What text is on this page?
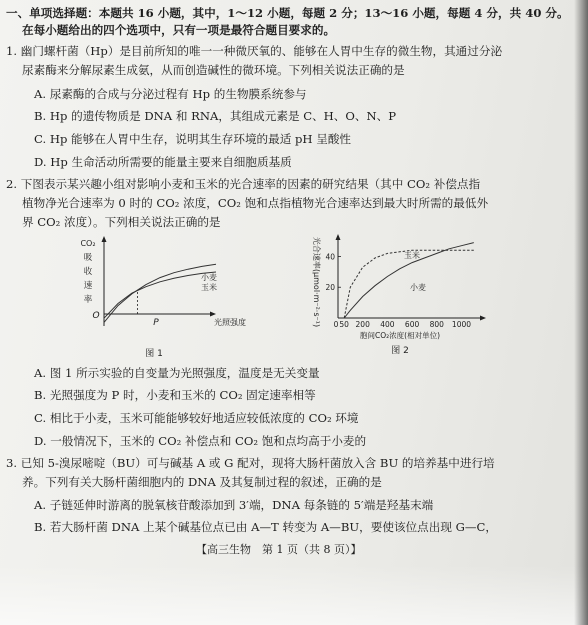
一、单项选择题：本题共 16 小题，其中，1～12 小题，每题 2 分；13～16 小题，每题 4 分，共 40 分。
在每小题给出的四个选项中，只有一项是最符合题目要求的。
1. 幽门螺杆菌（Hp）是目前所知的唯一一种微厌氧的、能够在人胃中生存的微生物，其通过分泌
尿素酶来分解尿素生成氨，从而创造碱性的微环境。下列相关说法正确的是
A. 尿素酶的合成与分泌过程有 Hp 的生物膜系统参与
B. Hp 的遗传物质是 DNA 和 RNA，其组成元素是 C、H、O、N、P
C. Hp 能够在人胃中生存，说明其生存环境的最适 pH 呈酸性
D. Hp 生命活动所需要的能量主要来自细胞质基质
2. 下图表示某兴趣小组对影响小麦和玉米的光合速率的因素的研究结果（其中 CO₂ 补偿点指
植物净光合速率为 0 时的 CO₂ 浓度，CO₂ 饱和点指植物光合速率达到最大时所需的最低外
界 CO₂ 浓度）。下列相关说法正确的是
CO₂
吸
收
速
率
O
P	光照强度
小麦
玉米
图 1
光合速率(μmol·m⁻²·s⁻¹) 0 50 200 400 600 800 1000
20
40	玉米
小麦
胞间CO₂浓度(相对单位)
图 2
A. 图 1 所示实验的自变量为光照强度，温度是无关变量
B. 光照强度为 P 时，小麦和玉米的 CO₂ 固定速率相等
C. 相比于小麦，玉米可能能够较好地适应较低浓度的 CO₂ 环境
D. 一般情况下，玉米的 CO₂ 补偿点和 CO₂ 饱和点均高于小麦的
3. 已知 5-溴尿嘧啶（BU）可与碱基 A 或 G 配对，现将大肠杆菌放入含 BU 的培养基中进行培
养。下列有关大肠杆菌细胞内的 DNA 及其复制过程的叙述，正确的是
A. 子链延伸时游离的脱氧核苷酸添加到 3′端，DNA 每条链的 5′端是羟基末端
B. 若大肠杆菌 DNA 上某个碱基位点已由 A—T 转变为 A—BU，要使该位点出现 G—C，
【高三生物　第 1 页（共 8 页）】
